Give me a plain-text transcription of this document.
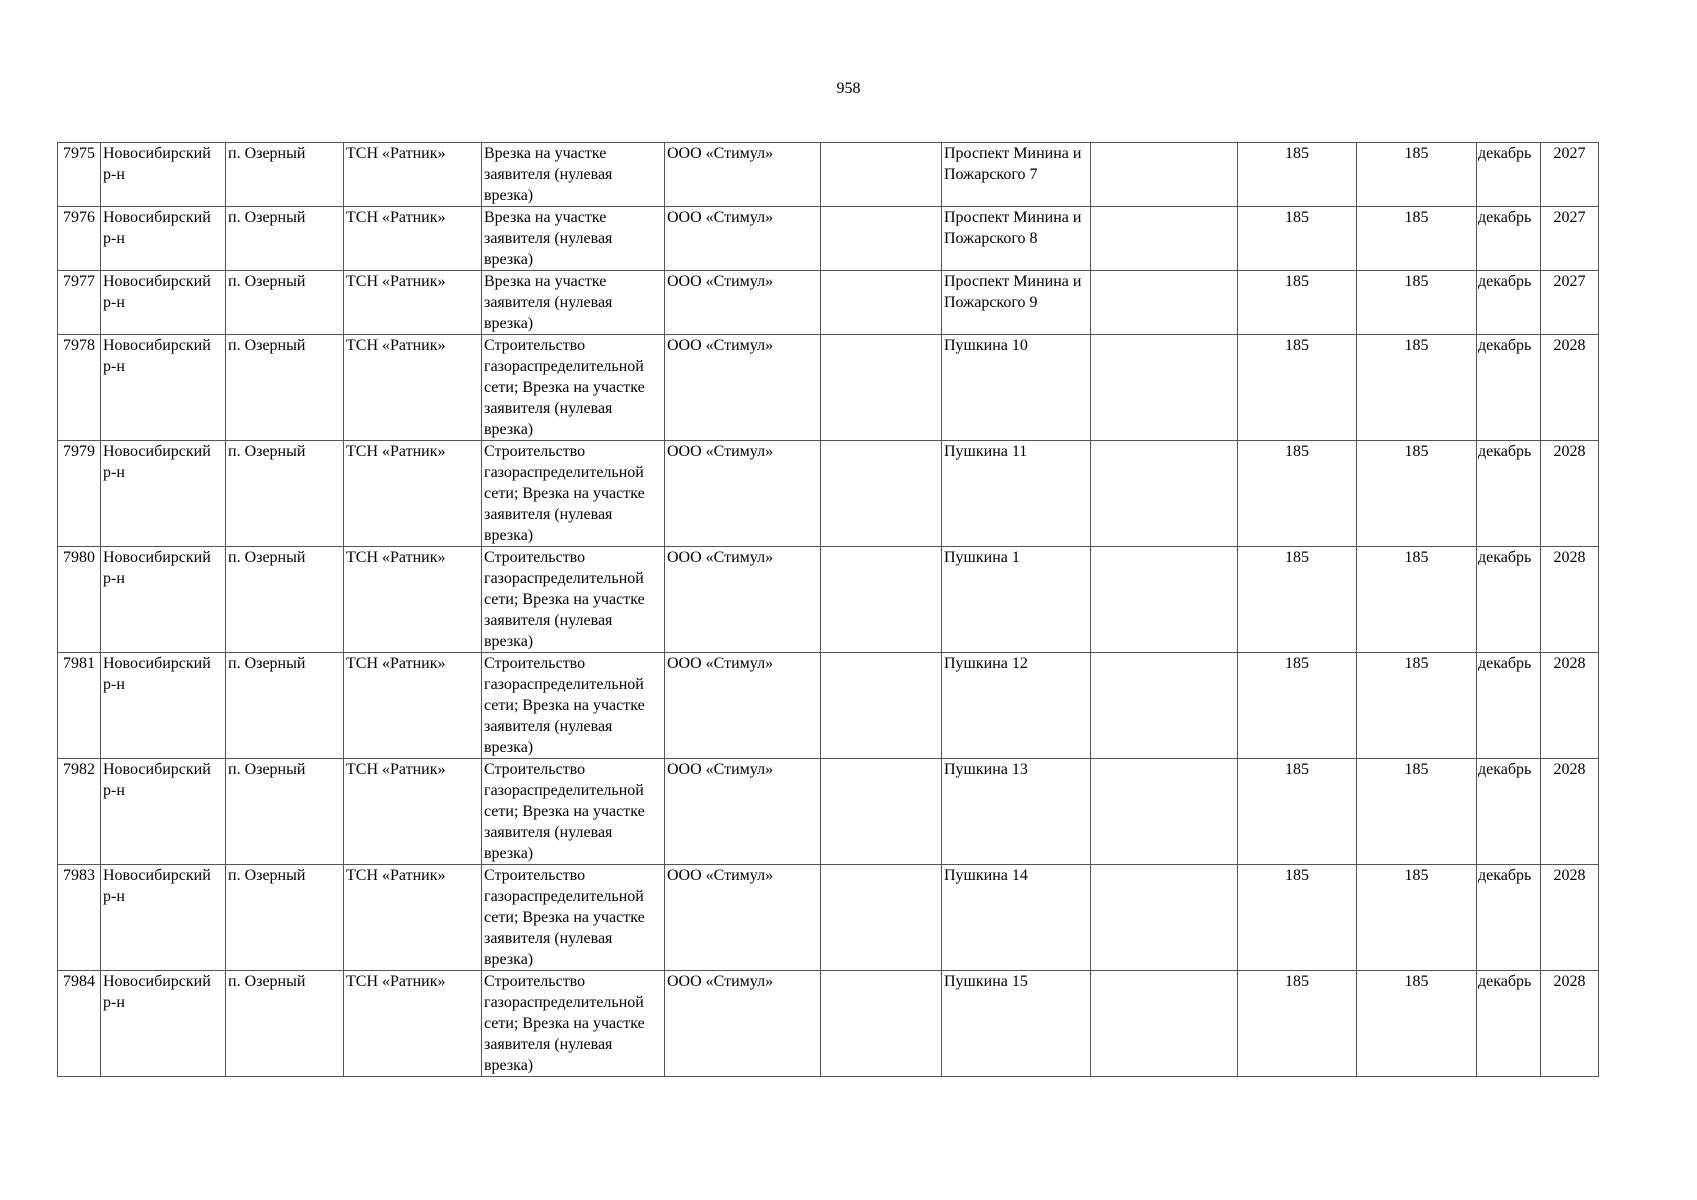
958
7975	Новосибирский р-н	п. Озерный	ТСН «Ратник»	Врезка на участке заявителя (нулевая врезка)	ООО «Стимул»		Проспект Минина и Пожарского 7		185	185	декабрь	2027
7976	Новосибирский р-н	п. Озерный	ТСН «Ратник»	Врезка на участке заявителя (нулевая врезка)	ООО «Стимул»		Проспект Минина и Пожарского 8		185	185	декабрь	2027
7977	Новосибирский р-н	п. Озерный	ТСН «Ратник»	Врезка на участке заявителя (нулевая врезка)	ООО «Стимул»		Проспект Минина и Пожарского 9		185	185	декабрь	2027
7978	Новосибирский р-н	п. Озерный	ТСН «Ратник»	Строительство газораспределительной сети; Врезка на участке заявителя (нулевая врезка)	ООО «Стимул»		Пушкина 10		185	185	декабрь	2028
7979	Новосибирский р-н	п. Озерный	ТСН «Ратник»	Строительство газораспределительной сети; Врезка на участке заявителя (нулевая врезка)	ООО «Стимул»		Пушкина 11		185	185	декабрь	2028
7980	Новосибирский р-н	п. Озерный	ТСН «Ратник»	Строительство газораспределительной сети; Врезка на участке заявителя (нулевая врезка)	ООО «Стимул»		Пушкина 1		185	185	декабрь	2028
7981	Новосибирский р-н	п. Озерный	ТСН «Ратник»	Строительство газораспределительной сети; Врезка на участке заявителя (нулевая врезка)	ООО «Стимул»		Пушкина 12		185	185	декабрь	2028
7982	Новосибирский р-н	п. Озерный	ТСН «Ратник»	Строительство газораспределительной сети; Врезка на участке заявителя (нулевая врезка)	ООО «Стимул»		Пушкина 13		185	185	декабрь	2028
7983	Новосибирский р-н	п. Озерный	ТСН «Ратник»	Строительство газораспределительной сети; Врезка на участке заявителя (нулевая врезка)	ООО «Стимул»		Пушкина 14		185	185	декабрь	2028
7984	Новосибирский р-н	п. Озерный	ТСН «Ратник»	Строительство газораспределительной сети; Врезка на участке заявителя (нулевая врезка)	ООО «Стимул»		Пушкина 15		185	185	декабрь	2028
